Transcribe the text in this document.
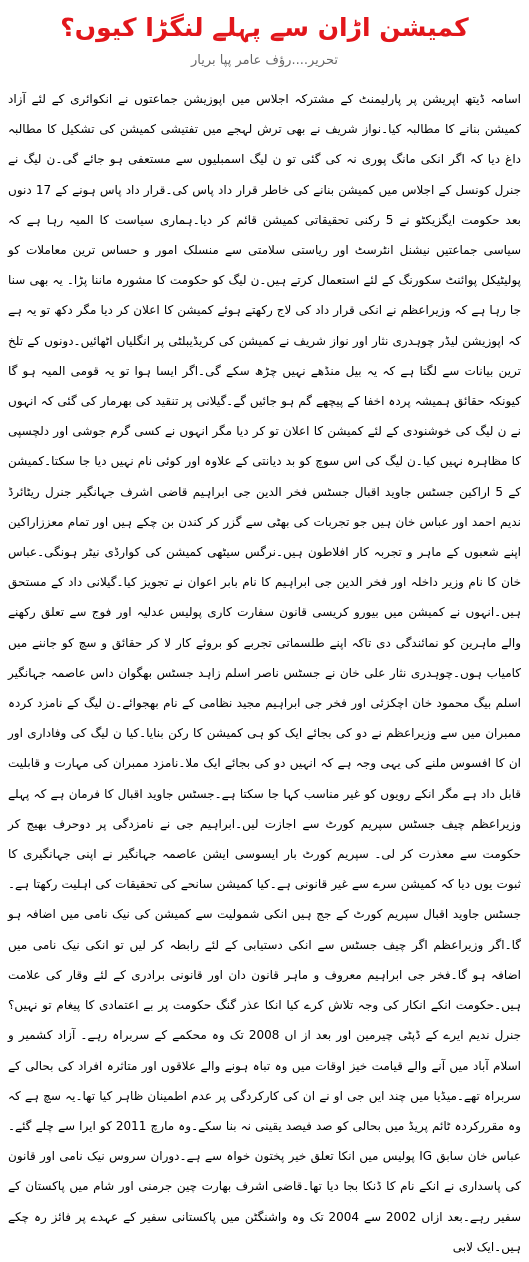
کمیشن اڑان سے پہلے لنگڑا کیوں؟
تحریر....رؤف عامر پپا بریار

اسامہ ڈیتھ اپریشن پر پارلیمنٹ کے مشترکہ اجلاس میں اپوزیشن جماعتوں نے انکوائری کے لئے آزاد کمیشن بنانے کا مطالبہ کیا۔نواز شریف نے بھی ترش لہجے میں تفتیشی کمیشن کی تشکیل کا مطالبہ داغ دیا کہ اگر انکی مانگ پوری نہ کی گئی تو ن لیگ اسمبلیوں سے مستعفی ہو جائے گی۔ن لیگ نے جنرل کونسل کے اجلاس میں کمیشن بنانے کی خاطر قرار داد پاس کی۔قرار داد پاس ہونے کے 17 دنوں بعد حکومت ایگزیکٹو نے 5 رکنی تحقیقاتی کمیشن قائم کر دیا۔ہماری سیاست کا المیہ رہا ہے کہ سیاسی جماعتیں نیشنل انٹرسٹ اور ریاستی سلامتی سے منسلک امور و حساس ترین معاملات کو پولیٹیکل پوائنٹ سکورنگ کے لئے استعمال کرتے ہیں۔ن لیگ کو حکومت کا مشورہ ماننا پڑا۔ یہ بھی سنا جا رہا ہے کہ وزیراعظم نے انکی قرار داد کی لاج رکھتے ہوئے کمیشن کا اعلان کر دیا مگر دکھ تو یہ ہے کہ اپوزیشن لیڈر چوہدری نثار اور نواز شریف نے کمیشن کی کریڈیبلٹی پر انگلیاں اٹھائیں۔دونوں کے تلخ ترین بیانات سے لگتا ہے کہ یہ بیل منڈھے نہیں چڑھ سکے گی۔اگر ایسا ہوا تو یہ قومی المیہ ہو گا کیونکہ حقائق ہمیشہ پردہ اخفا کے پیچھے گم ہو جائیں گے۔گیلانی پر تنقید کی بھرمار کی گئی کہ انہوں نے ن لیگ کی خوشنودی کے لئے کمیشن کا اعلان تو کر دیا مگر انہوں نے کسی گرم جوشی اور دلچسپی کا مظاہرہ نہیں کیا۔ن لیگ کی اس سوچ کو بد دیانتی کے علاوہ اور کوئی نام نہیں دیا جا سکتا۔کمیشن کے 5 اراکین جسٹس جاوید اقبال جسٹس فخر الدین جی ابراہیم قاضی اشرف جہانگیر جنرل ریٹائرڈ ندیم احمد اور عباس خان ہیں جو تجربات کی بھٹی سے گزر کر کندن بن چکے ہیں اور تمام معززاراکین اپنے شعبوں کے ماہر و تجربہ کار افلاطون ہیں۔نرگس سیٹھی کمیشن کی کوارڈی نیٹر ہونگی۔عباس خان کا نام وزیر داخلہ اور فخر الدین جی ابراہیم کا نام بابر اعوان نے تجویز کیا۔گیلانی داد کے مستحق ہیں۔انہوں نے کمیشن میں بیورو کریسی قانون سفارت کاری پولیس عدلیہ اور فوج سے تعلق رکھنے والے ماہرین کو نمائندگی دی تاکہ اپنے طلسماتی تجربے کو بروئے کار لا کر حقائق و سچ کو جاننے میں کامیاب ہوں۔چوہدری نثار علی خان نے جسٹس ناصر اسلم زاہد جسٹس بھگوان داس عاصمہ جہانگیر اسلم بیگ محمود خان اچکزئی اور فخر جی ابراہیم مجید نظامی کے نام بھجوائے۔ن لیگ کے نامزد کردہ ممبران میں سے وزیراعظم نے دو کی بجائے ایک کو ہی کمیشن کا رکن بنایا۔کیا ن لیگ کی وفاداری اور ان کا افسوس ملنے کی یہی وجہ ہے کہ انہیں دو کی بجائے ایک ملا۔نامزد ممبران کی مہارت و قابلیت قابل داد ہے مگر انکے رویوں کو غیر مناسب کہا جا سکتا ہے۔جسٹس جاوید اقبال کا فرمان ہے کہ پہلے وزیراعظم چیف جسٹس سپریم کورٹ سے اجازت لیں۔ابراہیم جی نے نامزدگی پر دوحرف بھیج کر حکومت سے معذرت کر لی۔ سپریم کورٹ بار ایسوسی ایشن عاصمہ جہانگیر نے اپنی جہانگیری کا ثبوت یوں دیا کہ کمیشن سرے سے غیر قانونی ہے۔کیا کمیشن سانحے کی تحقیقات کی اہلیت رکھتا ہے۔جسٹس جاوید اقبال سپریم کورٹ کے جج ہیں انکی شمولیت سے کمیشن کی نیک نامی میں اضافہ ہو گا۔اگر وزیراعظم اگر چیف جسٹس سے انکی دستیابی کے لئے رابطہ کر لیں تو انکی نیک نامی میں اضافہ ہو گا۔فخر جی ابراہیم معروف و ماہر قانون دان اور قانونی برادری کے لئے وقار کی علامت ہیں۔حکومت انکے انکار کی وجہ تلاش کرے کیا انکا عذر گنگ حکومت پر بے اعتمادی کا پیغام تو نہیں؟جنرل ندیم ایرے کے ڈپٹی چیرمین اور بعد از اں 2008 تک وہ محکمے کے سربراہ رہے۔ آزاد کشمیر و اسلام آباد میں آنے والے قیامت خیز اوقات میں وہ تباہ ہونے والے علاقوں اور متاثرہ افراد کی بحالی کے سربراہ تھے۔میڈیا میں چند ایں جی او نے ان کی کارکردگی پر عدم اطمینان ظاہر کیا تھا۔یہ سچ ہے کہ وہ مقررکردہ ٹائم پریڈ میں بحالی کو صد فیصد یقینی نہ بنا سکے۔وہ مارچ 2011 کو ایرا سے چلے گئے۔عباس خان سابق IG پولیس میں انکا تعلق خیر پختون خواہ سے ہے۔دوران سروس نیک نامی اور قانون کی پاسداری نے انکے نام کا ڈنکا بجا دیا تھا۔قاضی اشرف بھارت چین جرمنی اور شام میں پاکستان کے سفیر رہے۔بعد ازاں 2002 سے 2004 تک وہ واشنگٹن میں پاکستانی سفیر کے عہدے پر فائز رہ چکے ہیں۔ایک لابی
